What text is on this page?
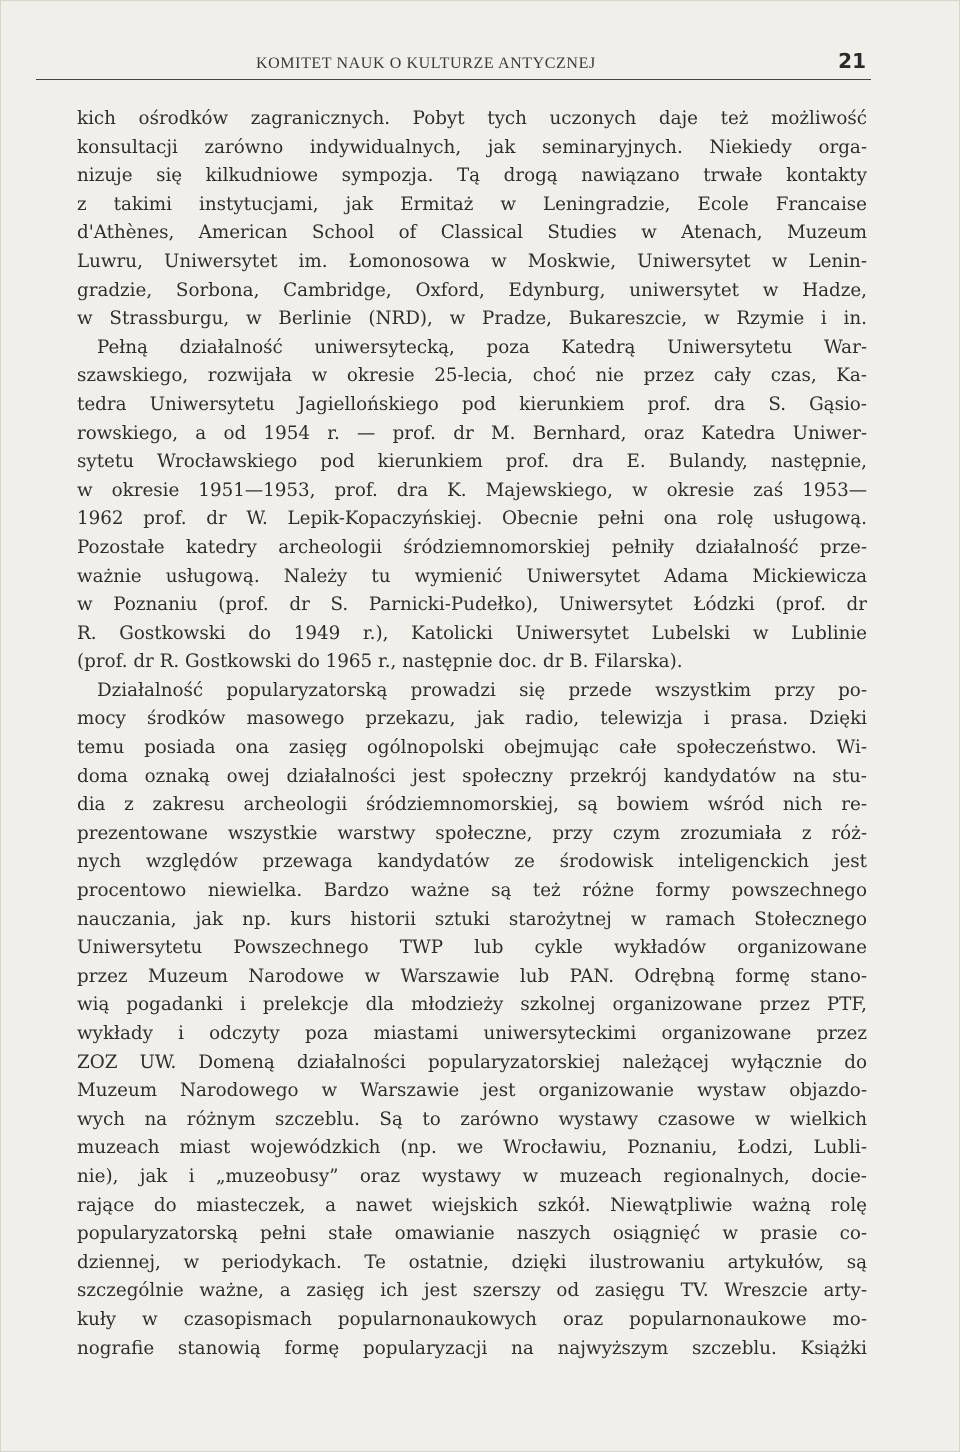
KOMITET NAUK O KULTURZE ANTYCZNEJ	21
kich ośrodków zagranicznych. Pobyt tych uczonych daje też możliwość
konsultacji zarówno indywidualnych, jak seminaryjnych. Niekiedy orga-
nizuje się kilkudniowe sympozja. Tą drogą nawiązano trwałe kontakty
z takimi instytucjami, jak Ermitaż w Leningradzie, Ecole Francaise
d'Athènes, American School of Classical Studies w Atenach, Muzeum
Luwru, Uniwersytet im. Łomonosowa w Moskwie, Uniwersytet w Lenin-
gradzie, Sorbona, Cambridge, Oxford, Edynburg, uniwersytet w Hadze,
w Strassburgu, w Berlinie (NRD), w Pradze, Bukareszcie, w Rzymie i in.
Pełną działalność uniwersytecką, poza Katedrą Uniwersytetu War-
szawskiego, rozwijała w okresie 25-lecia, choć nie przez cały czas, Ka-
tedra Uniwersytetu Jagiellońskiego pod kierunkiem prof. dra S. Gąsio-
rowskiego, a od 1954 r. — prof. dr M. Bernhard, oraz Katedra Uniwer-
sytetu Wrocławskiego pod kierunkiem prof. dra E. Bulandy, następnie,
w okresie 1951—1953, prof. dra K. Majewskiego, w okresie zaś 1953—
1962 prof. dr W. Lepik-Kopaczyńskiej. Obecnie pełni ona rolę usługową.
Pozostałe katedry archeologii śródziemnomorskiej pełniły działalność prze-
ważnie usługową. Należy tu wymienić Uniwersytet Adama Mickiewicza
w Poznaniu (prof. dr S. Parnicki-Pudełko), Uniwersytet Łódzki (prof. dr
R. Gostkowski do 1949 r.), Katolicki Uniwersytet Lubelski w Lublinie
(prof. dr R. Gostkowski do 1965 r., następnie doc. dr B. Filarska).
Działalność popularyzatorską prowadzi się przede wszystkim przy po-
mocy środków masowego przekazu, jak radio, telewizja i prasa. Dzięki
temu posiada ona zasięg ogólnopolski obejmując całe społeczeństwo. Wi-
doma oznaką owej działalności jest społeczny przekrój kandydatów na stu-
dia z zakresu archeologii śródziemnomorskiej, są bowiem wśród nich re-
prezentowane wszystkie warstwy społeczne, przy czym zrozumiała z róż-
nych względów przewaga kandydatów ze środowisk inteligenckich jest
procentowo niewielka. Bardzo ważne są też różne formy powszechnego
nauczania, jak np. kurs historii sztuki starożytnej w ramach Stołecznego
Uniwersytetu Powszechnego TWP lub cykle wykładów organizowane
przez Muzeum Narodowe w Warszawie lub PAN. Odrębną formę stano-
wią pogadanki i prelekcje dla młodzieży szkolnej organizowane przez PTF,
wykłady i odczyty poza miastami uniwersyteckimi organizowane przez
ZOZ UW. Domeną działalności popularyzatorskiej należącej wyłącznie do
Muzeum Narodowego w Warszawie jest organizowanie wystaw objazdo-
wych na różnym szczeblu. Są to zarówno wystawy czasowe w wielkich
muzeach miast wojewódzkich (np. we Wrocławiu, Poznaniu, Łodzi, Lubli-
nie), jak i „muzeobusy” oraz wystawy w muzeach regionalnych, docie-
rające do miasteczek, a nawet wiejskich szkół. Niewątpliwie ważną rolę
popularyzatorską pełni stałe omawianie naszych osiągnięć w prasie co-
dziennej, w periodykach. Te ostatnie, dzięki ilustrowaniu artykułów, są
szczególnie ważne, a zasięg ich jest szerszy od zasięgu TV. Wreszcie arty-
kuły w czasopismach popularnonaukowych oraz popularnonaukowe mo-
nografie stanowią formę popularyzacji na najwyższym szczeblu. Książki
